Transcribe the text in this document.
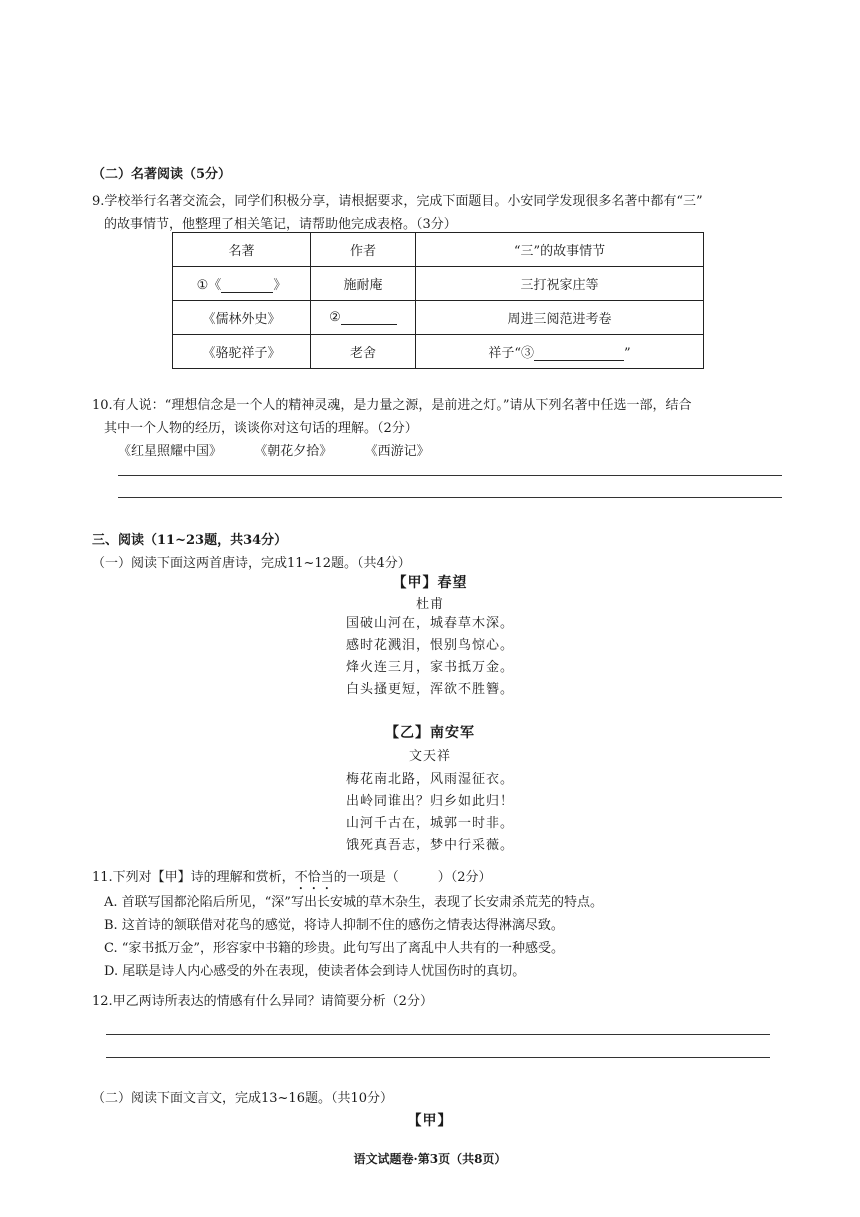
（二）名著阅读（5分）
9.学校举行名著交流会，同学们积极分享，请根据要求，完成下面题目。小安同学发现很多名著中都有“三”
的故事情节，他整理了相关笔记，请帮助他完成表格。（3分）
名著	作者	“三”的故事情节
①《 》	施耐庵	三打祝家庄等
《儒林外史》	②	周进三阅范进考卷
《骆驼祥子》	老舍	祥子“③ ”
10.有人说：“理想信念是一个人的精神灵魂，是力量之源，是前进之灯。”请从下列名著中任选一部，结合
其中一个人物的经历，谈谈你对这句话的理解。（2分）
《红星照耀中国》 《朝花夕拾》 《西游记》
三、阅读（11~23题，共34分）
（一）阅读下面这两首唐诗，完成11~12题。（共4分）
【甲】春望
杜甫
国破山河在，城春草木深。
感时花溅泪，恨别鸟惊心。
烽火连三月，家书抵万金。
白头搔更短，浑欲不胜簪。
【乙】南安军
文天祥
梅花南北路，风雨湿征衣。
出岭同谁出？归乡如此归！
山河千古在，城郭一时非。
饿死真吾志，梦中行采薇。
11.下列对【甲】诗的理解和赏析，不恰当的一项是（　　　）（2分）
A. 首联写国都沦陷后所见，“深”写出长安城的草木杂生，表现了长安肃杀荒芜的特点。
B. 这首诗的颔联借对花鸟的感觉，将诗人抑制不住的感伤之情表达得淋漓尽致。
C. “家书抵万金”，形容家中书籍的珍贵。此句写出了离乱中人共有的一种感受。
D. 尾联是诗人内心感受的外在表现，使读者体会到诗人忧国伤时的真切。
12.甲乙两诗所表达的情感有什么异同？请简要分析（2分）
（二）阅读下面文言文，完成13~16题。（共10分）
【甲】
语文试题卷·第3页（共8页）
